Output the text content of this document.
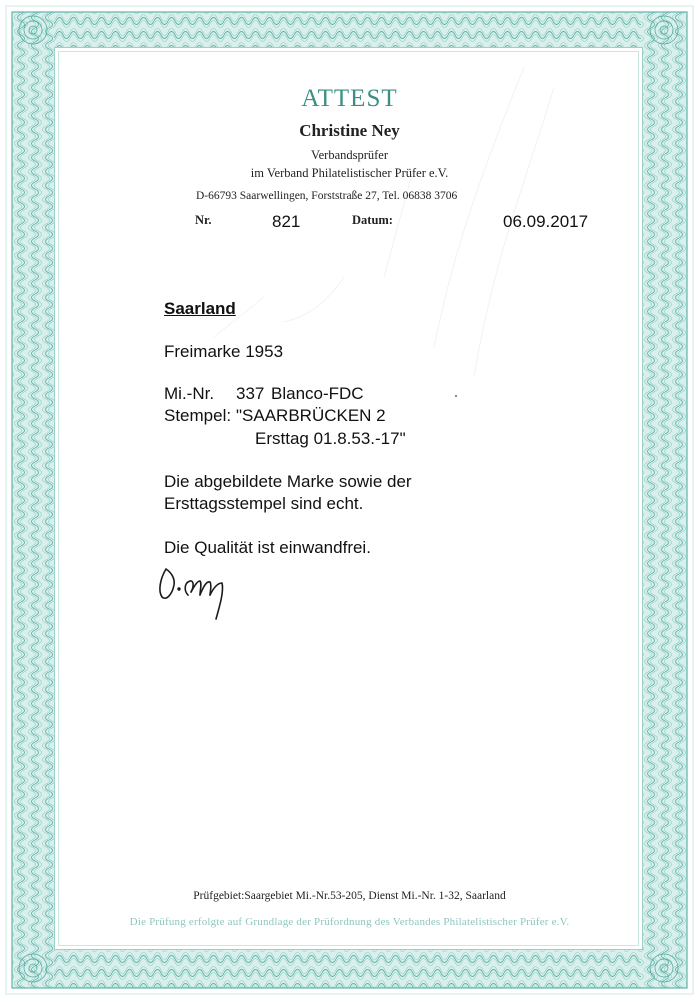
ATTEST
Christine Ney
Verbandsprüfer
im Verband Philatelistischer Prüfer e.V.
D-66793 Saarwellingen, Forststraße 27, Tel. 06838 3706
Nr.	821	Datum:	06.09.2017
Saarland
Freimarke 1953
Mi.-Nr. 337 Blanco-FDC
Stempel: "SAARBRÜCKEN 2
Ersttag 01.8.53.-17"
Die abgebildete Marke sowie der
Ersttagsstempel sind echt.
Die Qualität ist einwandfrei.
Prüfgebiet:Saargebiet Mi.-Nr.53-205, Dienst Mi.-Nr. 1-32, Saarland
Die Prüfung erfolgte auf Grundlage der Prüfordnung des Verbandes Philatelistischer Prüfer e.V.
